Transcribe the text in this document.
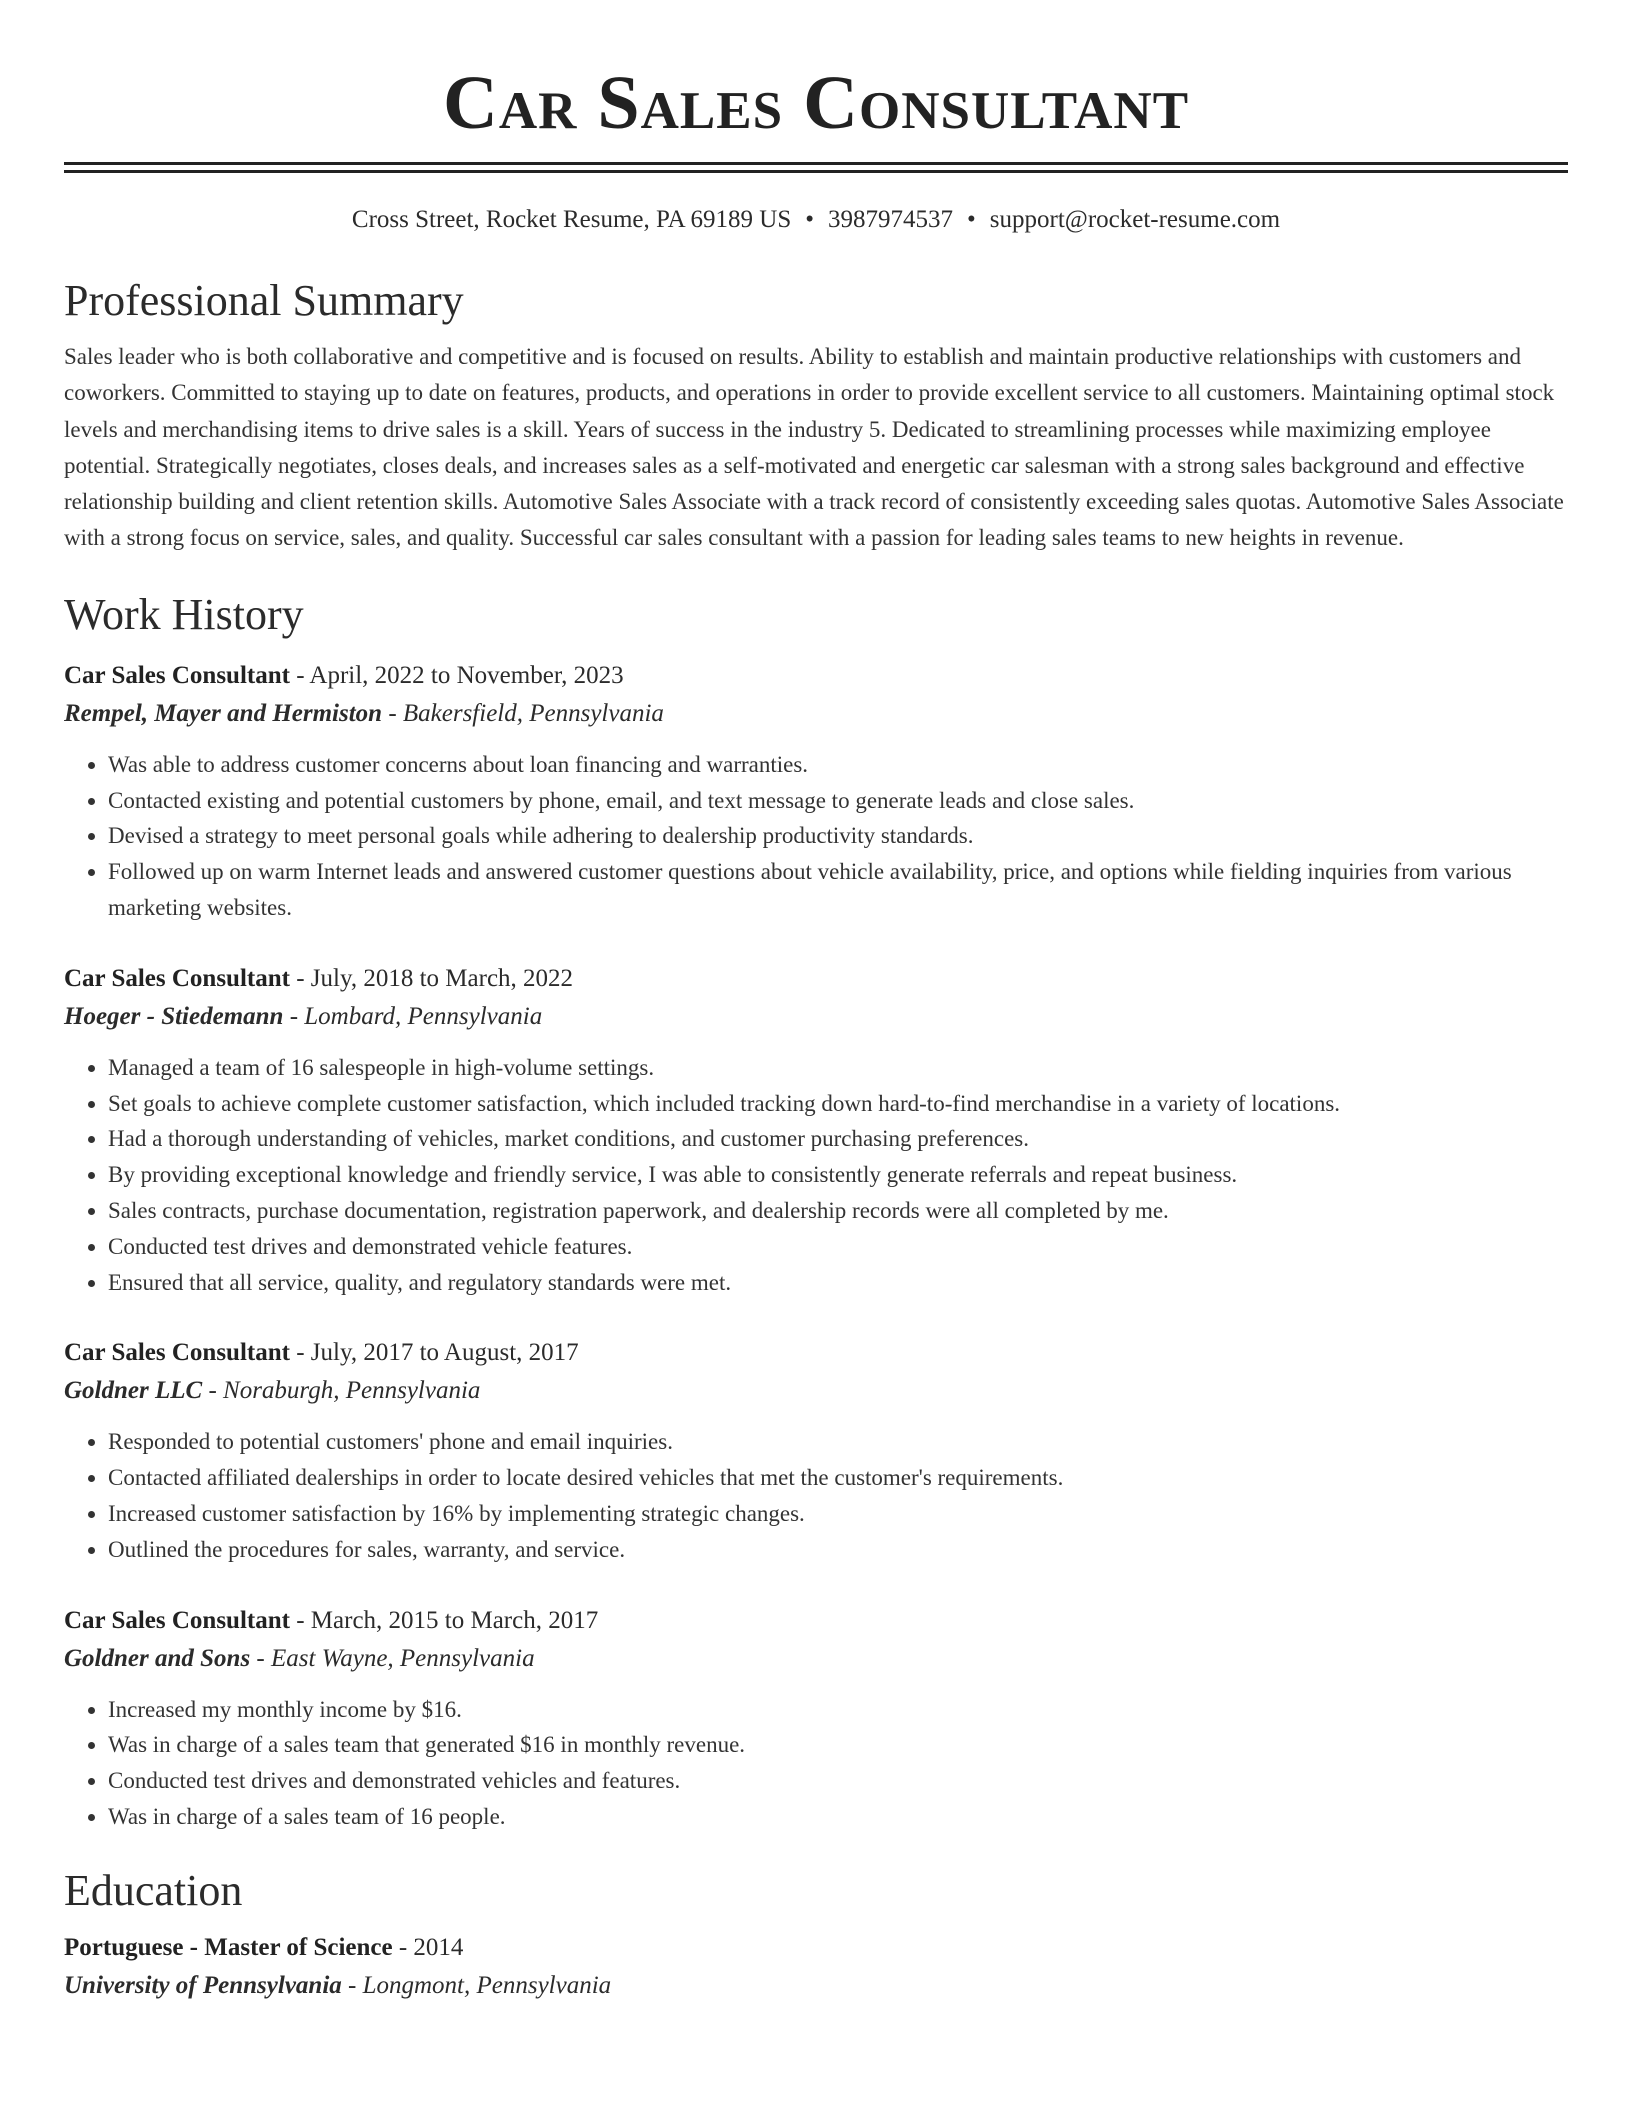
Car Sales Consultant
Cross Street, Rocket Resume, PA 69189 US • 3987974537 • support@rocket-resume.com
Professional Summary

Sales leader who is both collaborative and competitive and is focused on results. Ability to establish and maintain productive relationships with customers and coworkers. Committed to staying up to date on features, products, and operations in order to provide excellent service to all customers. Maintaining optimal stock levels and merchandising items to drive sales is a skill. Years of success in the industry 5. Dedicated to streamlining processes while maximizing employee potential. Strategically negotiates, closes deals, and increases sales as a self-motivated and energetic car salesman with a strong sales background and effective relationship building and client retention skills. Automotive Sales Associate with a track record of consistently exceeding sales quotas. Automotive Sales Associate with a strong focus on service, sales, and quality. Successful car sales consultant with a passion for leading sales teams to new heights in revenue.

Work History

Car Sales Consultant - April, 2022 to November, 2023

Rempel, Mayer and Hermiston - Bakersfield, Pennsylvania

• Was able to address customer concerns about loan financing and warranties.
• Contacted existing and potential customers by phone, email, and text message to generate leads and close sales.
• Devised a strategy to meet personal goals while adhering to dealership productivity standards.
• Followed up on warm Internet leads and answered customer questions about vehicle availability, price, and options while fielding inquiries from various marketing websites.

Car Sales Consultant - July, 2018 to March, 2022

Hoeger - Stiedemann - Lombard, Pennsylvania

• Managed a team of 16 salespeople in high-volume settings.
• Set goals to achieve complete customer satisfaction, which included tracking down hard-to-find merchandise in a variety of locations.
• Had a thorough understanding of vehicles, market conditions, and customer purchasing preferences.
• By providing exceptional knowledge and friendly service, I was able to consistently generate referrals and repeat business.
• Sales contracts, purchase documentation, registration paperwork, and dealership records were all completed by me.
• Conducted test drives and demonstrated vehicle features.
• Ensured that all service, quality, and regulatory standards were met.

Car Sales Consultant - July, 2017 to August, 2017

Goldner LLC - Noraburgh, Pennsylvania

• Responded to potential customers' phone and email inquiries.
• Contacted affiliated dealerships in order to locate desired vehicles that met the customer's requirements.
• Increased customer satisfaction by 16% by implementing strategic changes.
• Outlined the procedures for sales, warranty, and service.

Car Sales Consultant - March, 2015 to March, 2017

Goldner and Sons - East Wayne, Pennsylvania

• Increased my monthly income by $16.
• Was in charge of a sales team that generated $16 in monthly revenue.
• Conducted test drives and demonstrated vehicles and features.
• Was in charge of a sales team of 16 people.
Education

Portuguese - Master of Science - 2014

University of Pennsylvania - Longmont, Pennsylvania
